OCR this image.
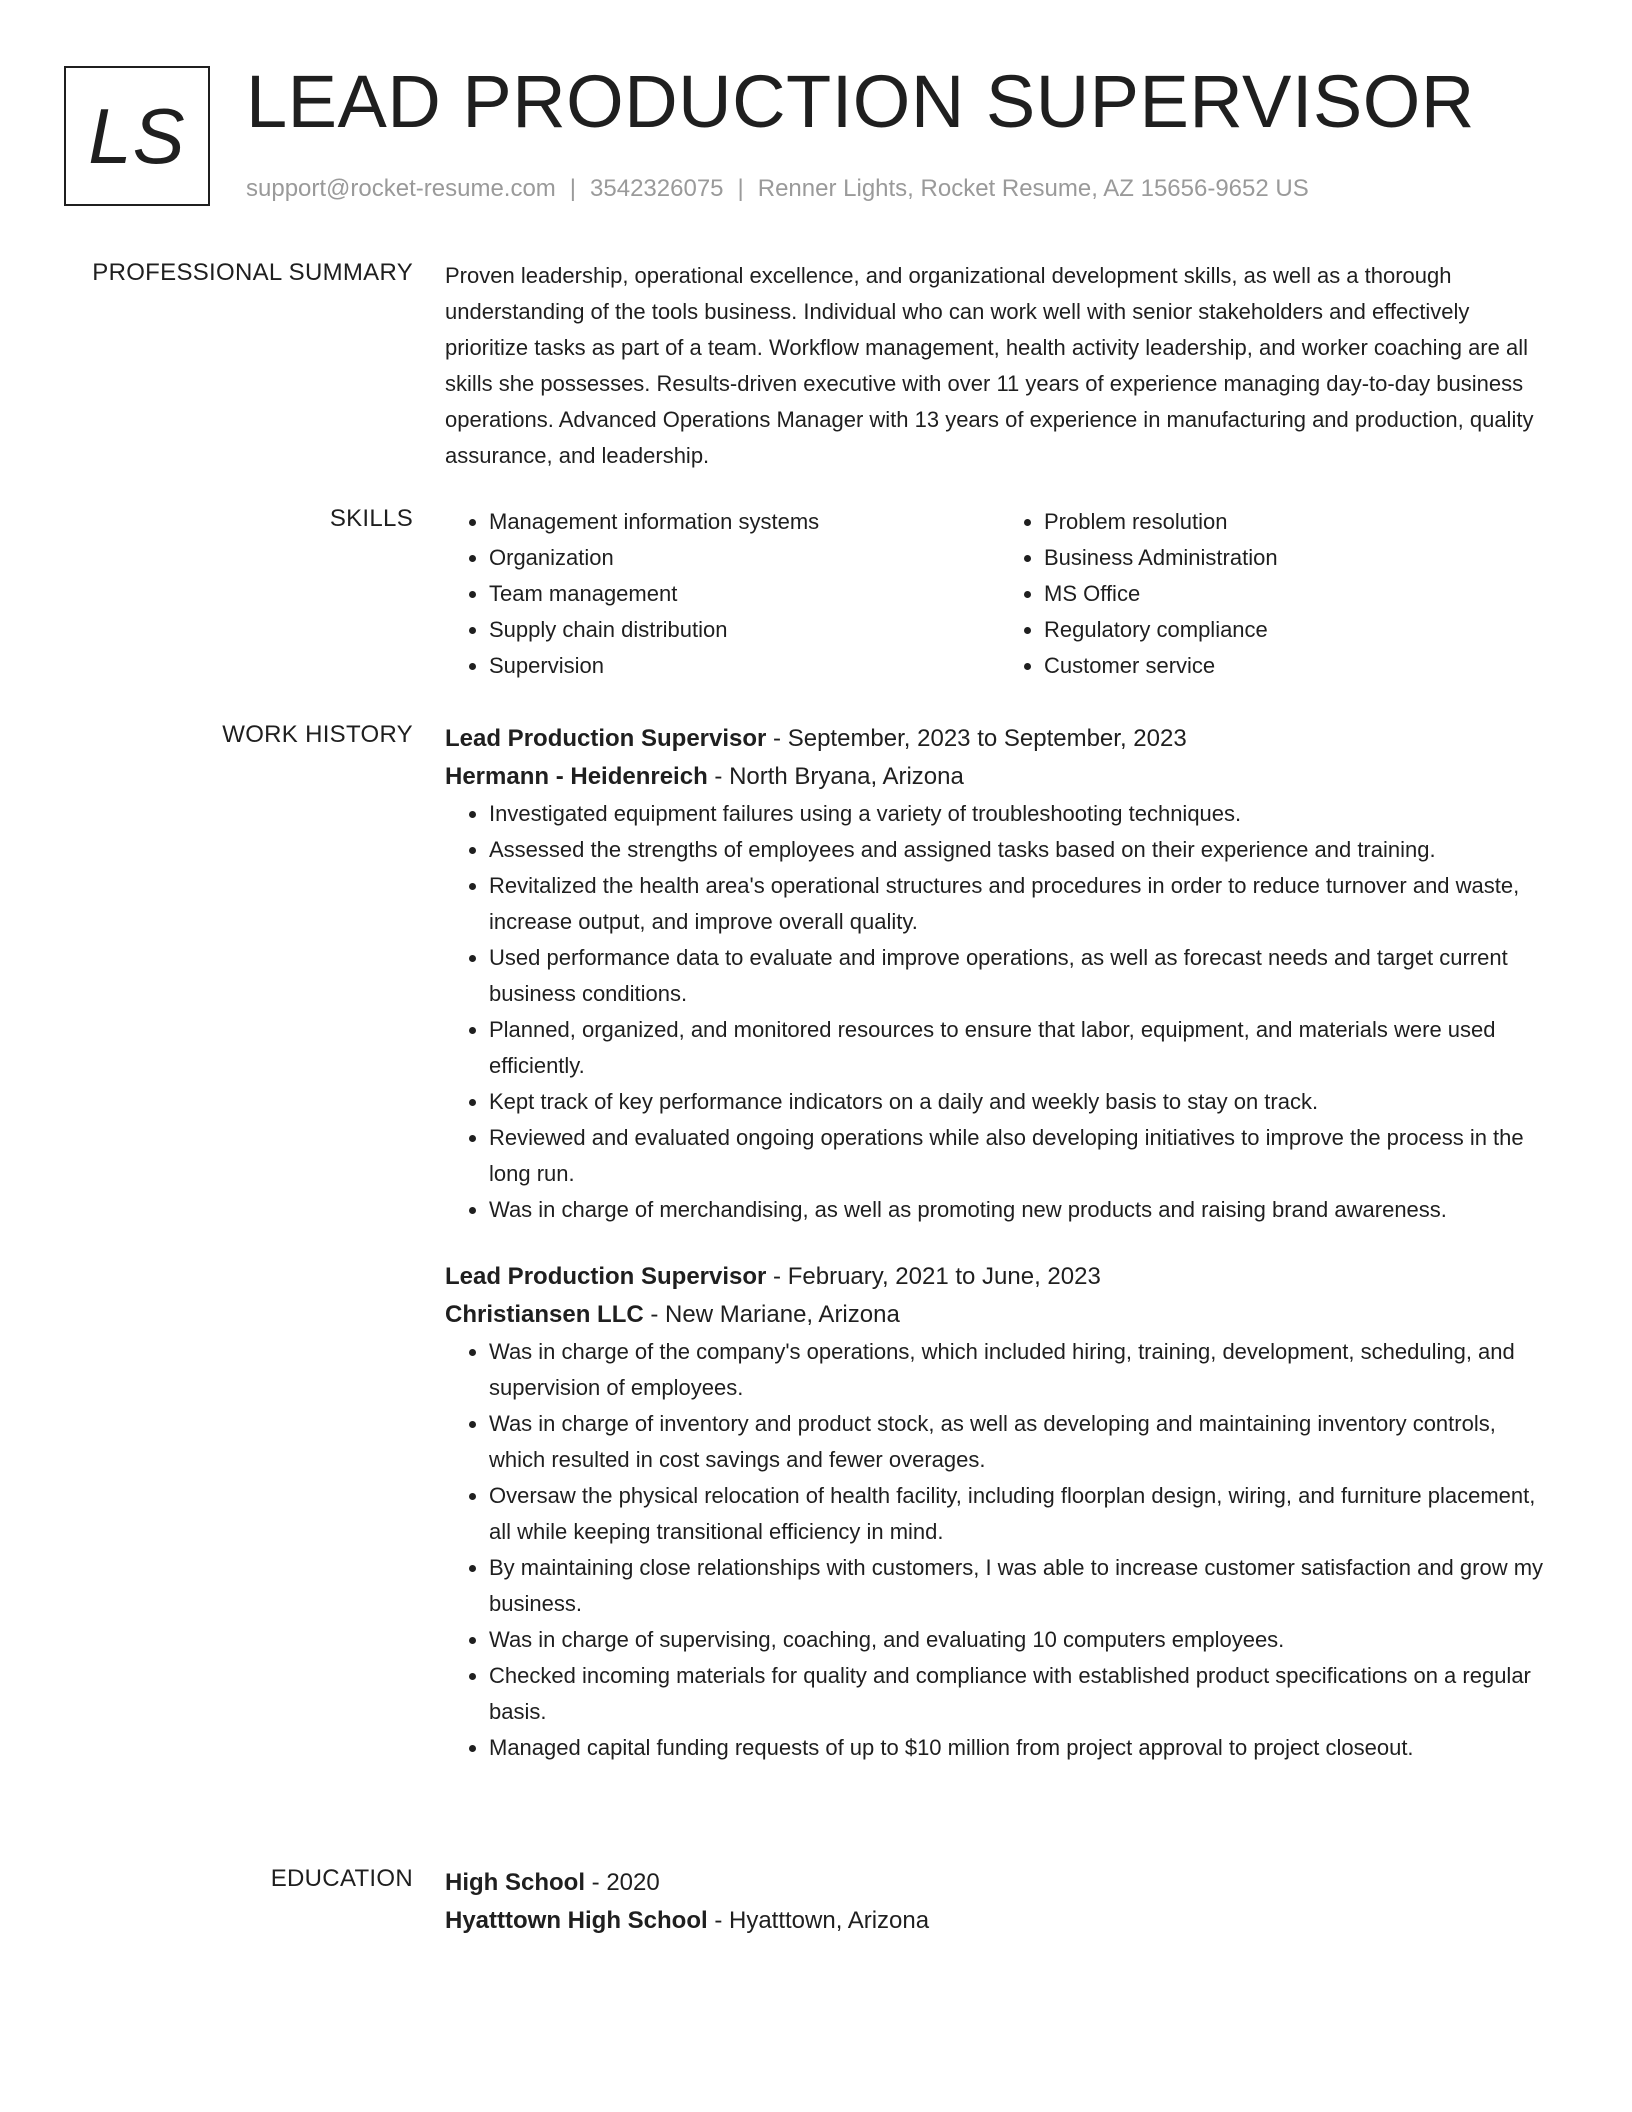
LS LEAD PRODUCTION SUPERVISOR
support@rocket-resume.com | 3542326075 | Renner Lights, Rocket Resume, AZ 15656-9652 US
PROFESSIONAL SUMMARY Proven leadership, operational excellence, and organizational development skills, as well as a thorough understanding of the tools business. Individual who can work well with senior stakeholders and effectively prioritize tasks as part of a team. Workflow management, health activity leadership, and worker coaching are all skills she possesses. Results-driven executive with over 11 years of experience managing day-to-day business operations. Advanced Operations Manager with 13 years of experience in manufacturing and production, quality assurance, and leadership.

SKILLS
•	Management information systems
• Organization
• Team management
• Supply chain distribution
• Supervision
• Problem resolution
• Business Administration
• MS Office
• Regulatory compliance
• Customer service
WORK HISTORY Lead Production Supervisor - September, 2023 to September, 2023
Hermann - Heidenreich - North Bryana, Arizona
• Investigated equipment failures using a variety of troubleshooting techniques.
• Assessed the strengths of employees and assigned tasks based on their experience and training.
• Revitalized the health area's operational structures and procedures in order to reduce turnover and waste, increase output, and improve overall quality.
• Used performance data to evaluate and improve operations, as well as forecast needs and target current business conditions.
• Planned, organized, and monitored resources to ensure that labor, equipment, and materials were used efficiently.
• Kept track of key performance indicators on a daily and weekly basis to stay on track.
• Reviewed and evaluated ongoing operations while also developing initiatives to improve the process in the long run.
• Was in charge of merchandising, as well as promoting new products and raising brand awareness.
Lead Production Supervisor - February, 2021 to June, 2023
Christiansen LLC - New Mariane, Arizona
• Was in charge of the company's operations, which included hiring, training, development, scheduling, and supervision of employees.
• Was in charge of inventory and product stock, as well as developing and maintaining inventory controls, which resulted in cost savings and fewer overages.
• Oversaw the physical relocation of health facility, including floorplan design, wiring, and furniture placement, all while keeping transitional efficiency in mind.
• By maintaining close relationships with customers, I was able to increase customer satisfaction and grow my business.
• Was in charge of supervising, coaching, and evaluating 10 computers employees.
• Checked incoming materials for quality and compliance with established product specifications on a regular basis.
• Managed capital funding requests of up to $10 million from project approval to project closeout.
EDUCATION High School - 2020
Hyatttown High School - Hyatttown, Arizona
